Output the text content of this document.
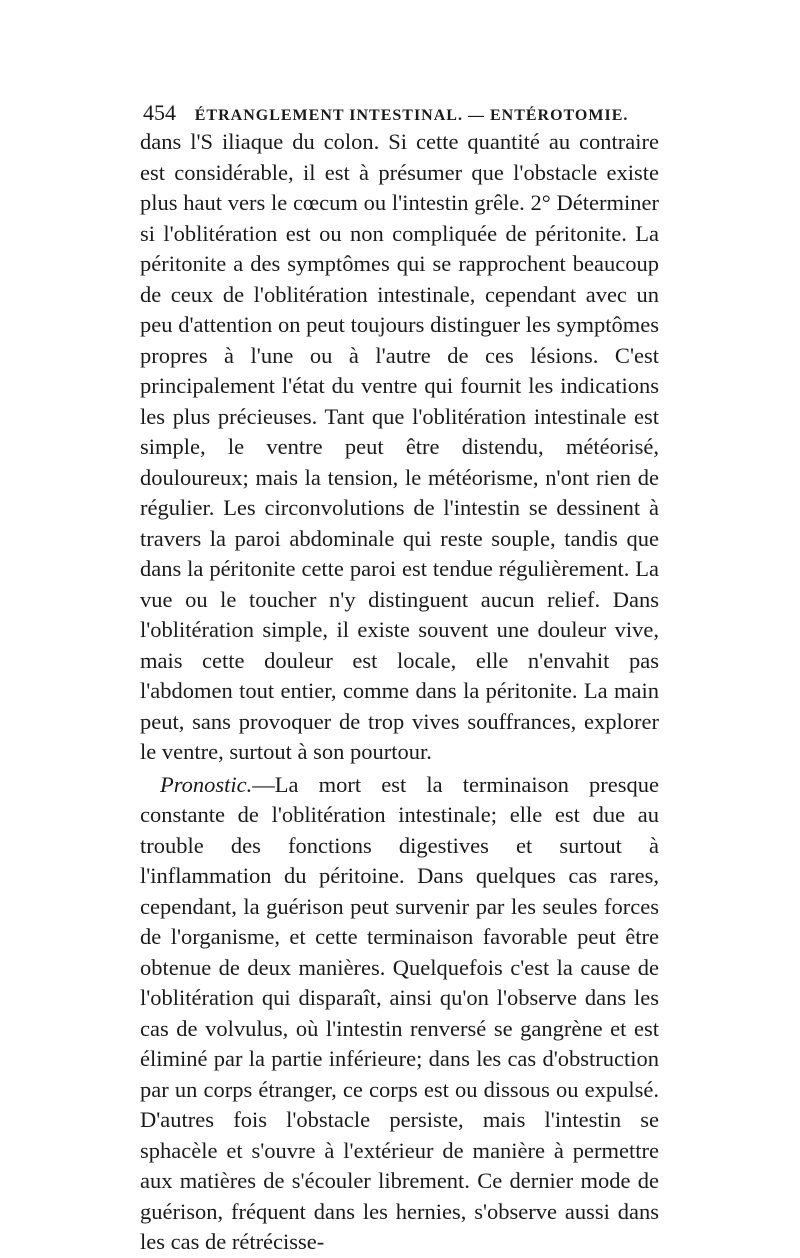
454 ÉTRANGLEMENT INTESTINAL. — ENTÉROTOMIE.

dans l'S iliaque du colon. Si cette quantité au contraire est considérable, il est à présumer que l'obstacle existe plus haut vers le cœcum ou l'intestin grêle. 2° Déterminer si l'oblitération est ou non compliquée de péritonite. La péritonite a des symptômes qui se rapprochent beaucoup de ceux de l'oblitération intestinale, cependant avec un peu d'attention on peut toujours distinguer les symptômes propres à l'une ou à l'autre de ces lésions. C'est principalement l'état du ventre qui fournit les indications les plus précieuses. Tant que l'oblitération intestinale est simple, le ventre peut être distendu, météorisé, douloureux; mais la tension, le météorisme, n'ont rien de régulier. Les circonvolutions de l'intestin se dessinent à travers la paroi abdominale qui reste souple, tandis que dans la péritonite cette paroi est tendue régulièrement. La vue ou le toucher n'y distinguent aucun relief. Dans l'oblitération simple, il existe souvent une douleur vive, mais cette douleur est locale, elle n'envahit pas l'abdomen tout entier, comme dans la péritonite. La main peut, sans provoquer de trop vives souffrances, explorer le ventre, surtout à son pourtour.

Pronostic.—La mort est la terminaison presque constante de l'oblitération intestinale; elle est due au trouble des fonctions digestives et surtout à l'inflammation du péritoine. Dans quelques cas rares, cependant, la guérison peut survenir par les seules forces de l'organisme, et cette terminaison favorable peut être obtenue de deux manières. Quelquefois c'est la cause de l'oblitération qui disparaît, ainsi qu'on l'observe dans les cas de volvulus, où l'intestin renversé se gangrène et est éliminé par la partie inférieure; dans les cas d'obstruction par un corps étranger, ce corps est ou dissous ou expulsé. D'autres fois l'obstacle persiste, mais l'intestin se sphacèle et s'ouvre à l'extérieur de manière à permettre aux matières de s'écouler librement. Ce dernier mode de guérison, fréquent dans les hernies, s'observe aussi dans les cas de rétrécisse-
